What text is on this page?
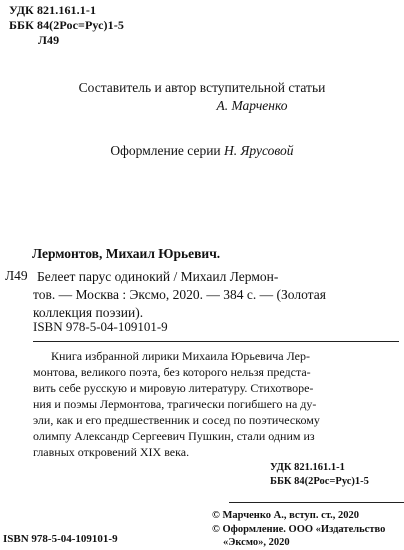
УДК 821.161.1-1
ББК 84(2Рос=Рус)1-5
Л49
Составитель и автор вступительной статьи
А. Марченко
Оформление серии Н. Ярусовой
Лермонтов, Михаил Юрьевич.
Л49 Белеет парус одинокий / Михаил Лермон-
тов. — Москва : Эксмо, 2020. — 384 с. — (Золотая
коллекция поэзии).
ISBN 978-5-04-109101-9
Книга избранной лирики Михаила Юрьевича Лер-
монтова, великого поэта, без которого нельзя предста-
вить себе русскую и мировую литературу. Стихотворе-
ния и поэмы Лермонтова, трагически погибшего на ду-
эли, как и его предшественник и сосед по поэтическому
олимпу Александр Сергеевич Пушкин, стали одним из
главных откровений XIX века.
УДК 821.161.1-1
ББК 84(2Рос=Рус)1-5
© Марченко А., вступ. ст., 2020
© Оформление. ООО «Издательство
«Эксмо», 2020
ISBN 978-5-04-109101-9
